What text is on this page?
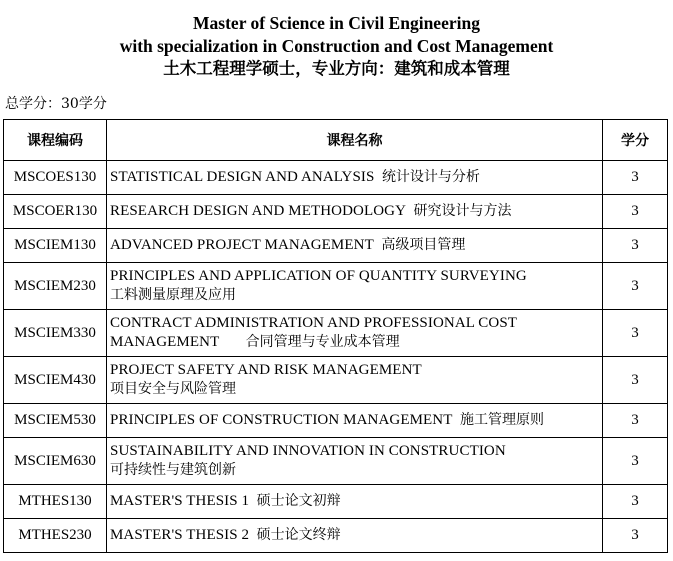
Master of Science in Civil Engineering
with specialization in Construction and Cost Management
土木工程理学硕士，专业方向：建筑和成本管理
总学分：30学分
课程编码	课程名称	学分
MSCOES130	STATISTICAL DESIGN AND ANALYSIS 统计设计与分析	3
MSCOER130	RESEARCH DESIGN AND METHODOLOGY 研究设计与方法	3
MSCIEM130	ADVANCED PROJECT MANAGEMENT 高级项目管理	3
MSCIEM230	PRINCIPLES AND APPLICATION OF QUANTITY SURVEYING
工料测量原理及应用	3
MSCIEM330	CONTRACT ADMINISTRATION AND PROFESSIONAL COST
MANAGEMENT 合同管理与专业成本管理	3
MSCIEM430	PROJECT SAFETY AND RISK MANAGEMENT
项目安全与风险管理	3
MSCIEM530	PRINCIPLES OF CONSTRUCTION MANAGEMENT 施工管理原则	3
MSCIEM630	SUSTAINABILITY AND INNOVATION IN CONSTRUCTION
可持续性与建筑创新	3
MTHES130	MASTER'S THESIS 1 硕士论文初辩	3
MTHES230	MASTER'S THESIS 2 硕士论文终辩	3
